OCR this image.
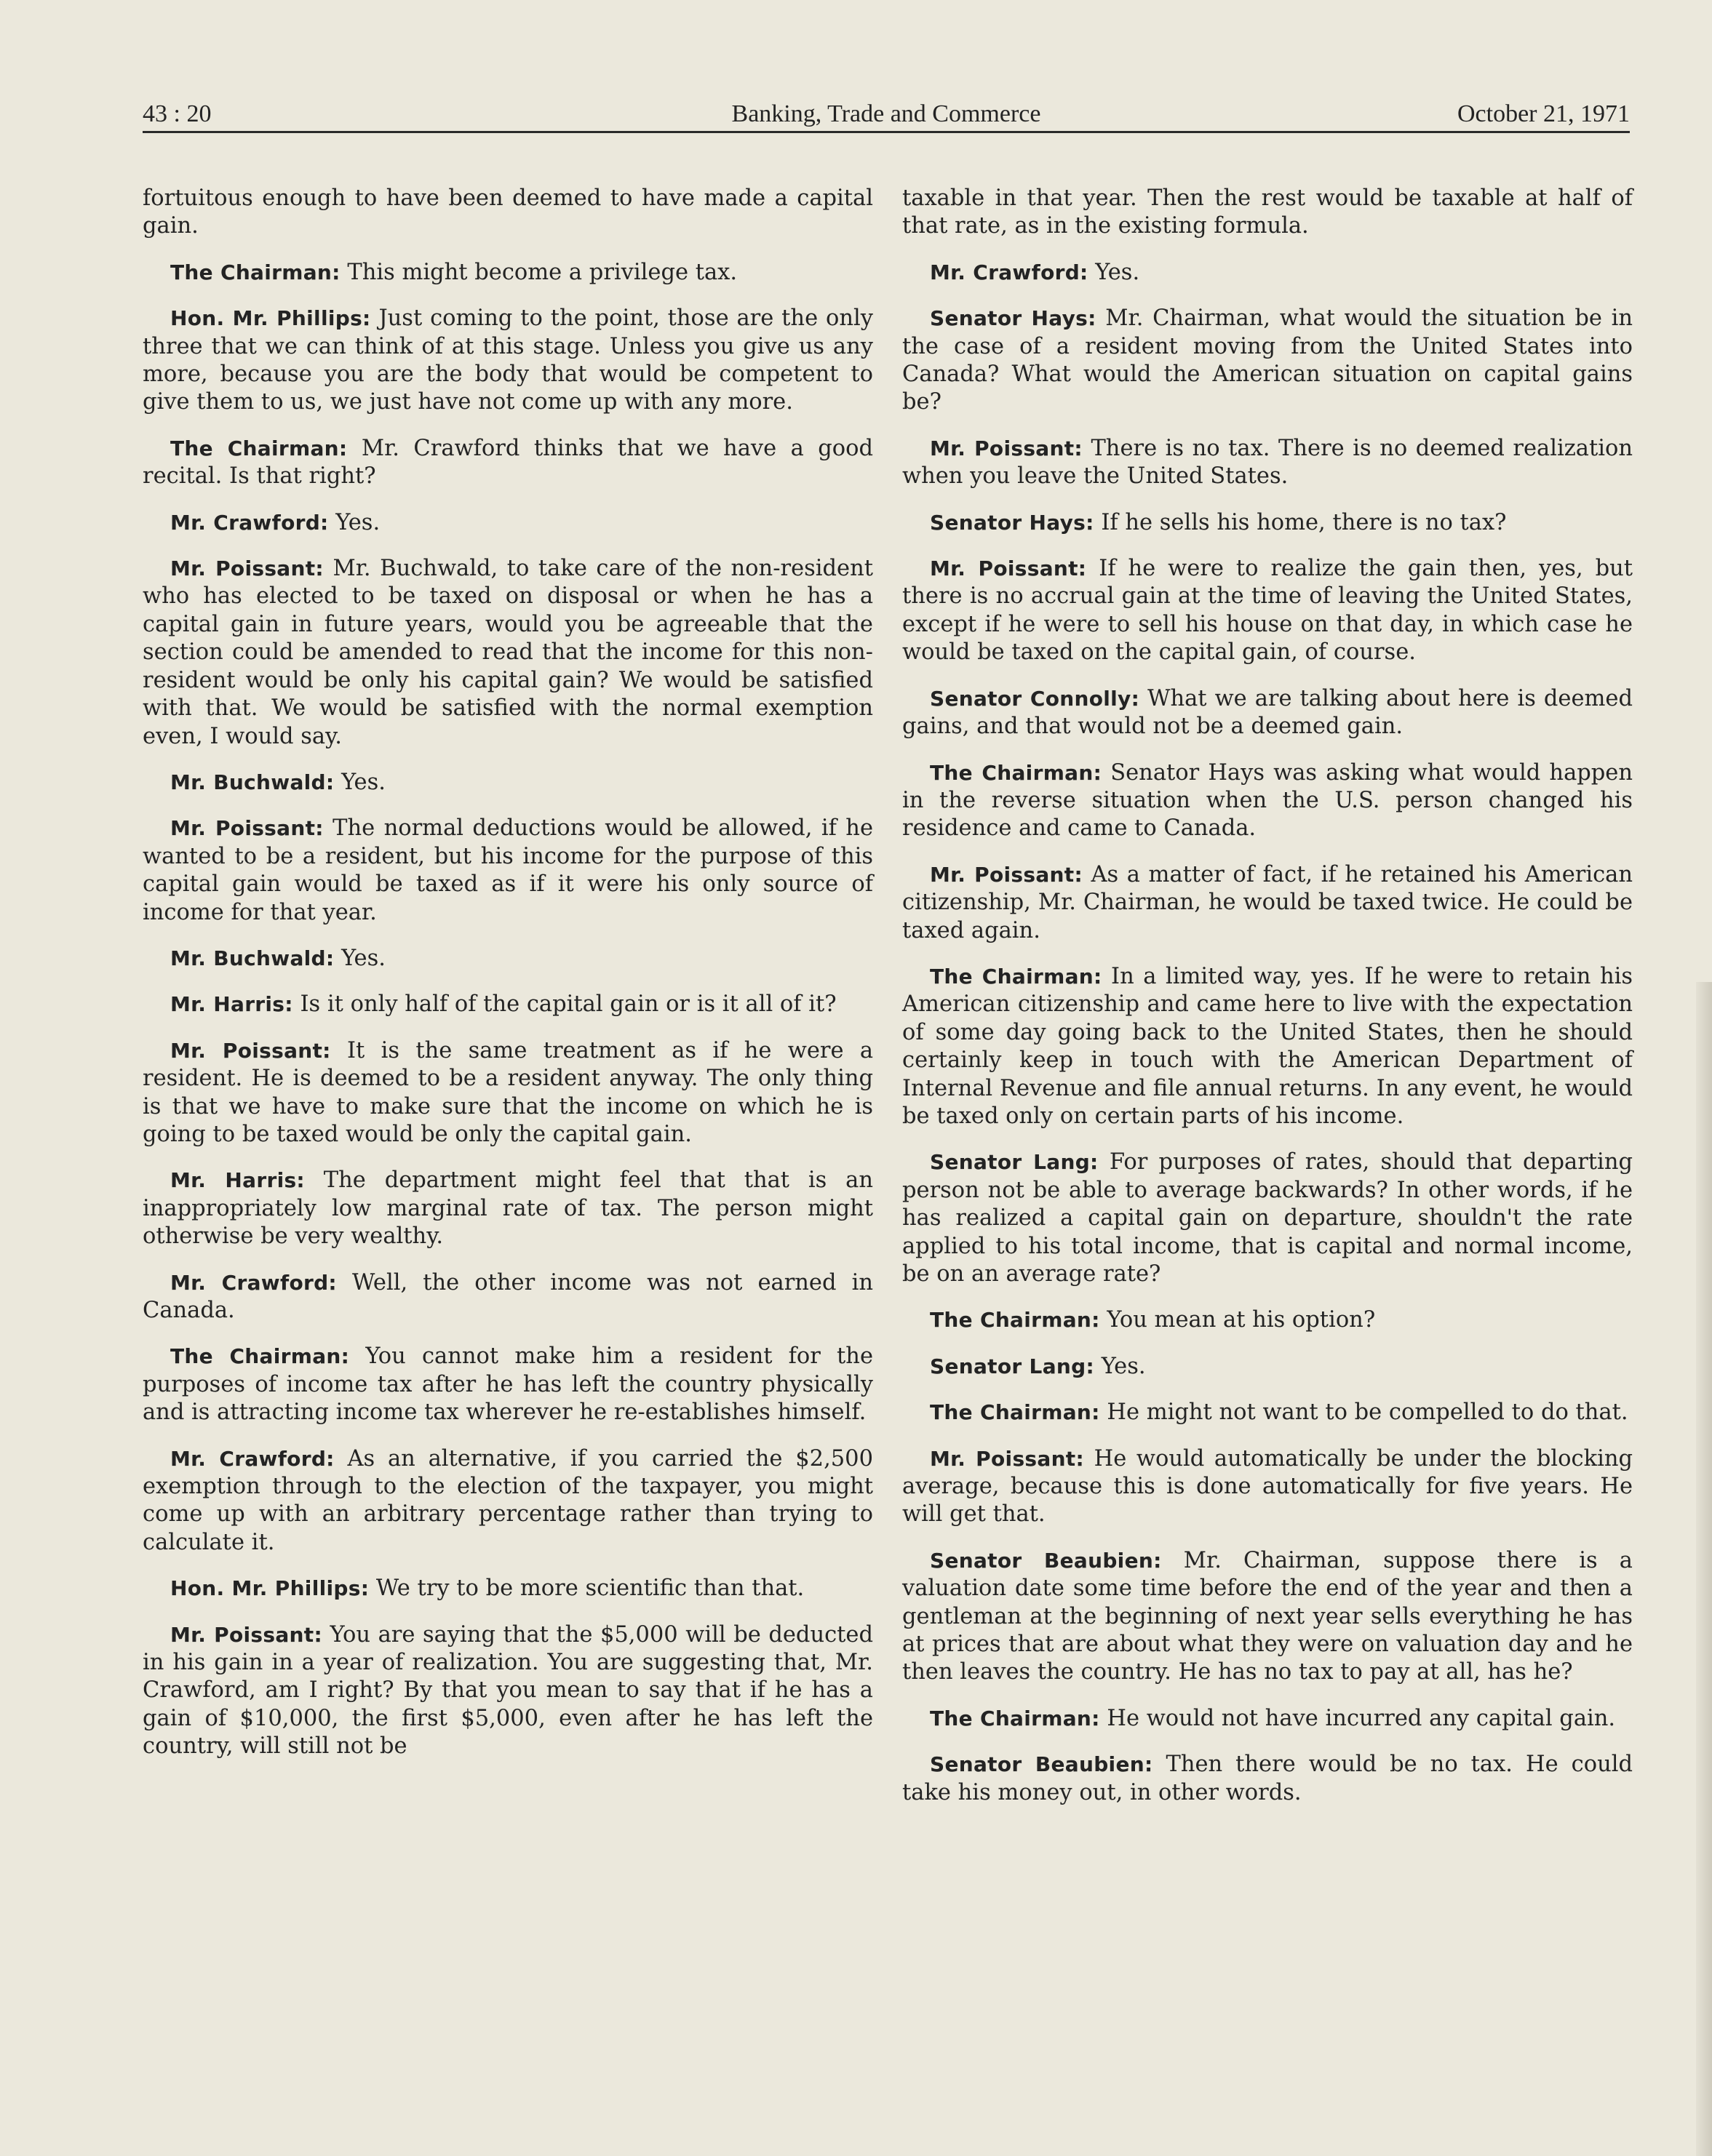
43 : 20	Banking, Trade and Commerce	October 21, 1971

fortuitous enough to have been deemed to have made a capital gain.

The Chairman: This might become a privilege tax.

Hon. Mr. Phillips: Just coming to the point, those are the only three that we can think of at this stage. Unless you give us any more, because you are the body that would be competent to give them to us, we just have not come up with any more.

The Chairman: Mr. Crawford thinks that we have a good recital. Is that right?

Mr. Crawford: Yes.

Mr. Poissant: Mr. Buchwald, to take care of the non-resident who has elected to be taxed on disposal or when he has a capital gain in future years, would you be agreeable that the section could be amended to read that the income for this non-resident would be only his capital gain? We would be satisfied with that. We would be satisfied with the normal exemption even, I would say.

Mr. Buchwald: Yes.

Mr. Poissant: The normal deductions would be allowed, if he wanted to be a resident, but his income for the purpose of this capital gain would be taxed as if it were his only source of income for that year.

Mr. Buchwald: Yes.

Mr. Harris: Is it only half of the capital gain or is it all of it?

Mr. Poissant: It is the same treatment as if he were a resident. He is deemed to be a resident anyway. The only thing is that we have to make sure that the income on which he is going to be taxed would be only the capital gain.

Mr. Harris: The department might feel that that is an inappropriately low marginal rate of tax. The person might otherwise be very wealthy.

Mr. Crawford: Well, the other income was not earned in Canada.

The Chairman: You cannot make him a resident for the purposes of income tax after he has left the country physically and is attracting income tax wherever he re-establishes himself.

Mr. Crawford: As an alternative, if you carried the $2,500 exemption through to the election of the taxpayer, you might come up with an arbitrary percentage rather than trying to calculate it.

Hon. Mr. Phillips: We try to be more scientific than that.

Mr. Poissant: You are saying that the $5,000 will be deducted in his gain in a year of realization. You are suggesting that, Mr. Crawford, am I right? By that you mean to say that if he has a gain of $10,000, the first $5,000, even after he has left the country, will still not be

taxable in that year. Then the rest would be taxable at half of that rate, as in the existing formula.

Mr. Crawford: Yes.

Senator Hays: Mr. Chairman, what would the situation be in the case of a resident moving from the United States into Canada? What would the American situation on capital gains be?

Mr. Poissant: There is no tax. There is no deemed realization when you leave the United States.

Senator Hays: If he sells his home, there is no tax?

Mr. Poissant: If he were to realize the gain then, yes, but there is no accrual gain at the time of leaving the United States, except if he were to sell his house on that day, in which case he would be taxed on the capital gain, of course.

Senator Connolly: What we are talking about here is deemed gains, and that would not be a deemed gain.

The Chairman: Senator Hays was asking what would happen in the reverse situation when the U.S. person changed his residence and came to Canada.

Mr. Poissant: As a matter of fact, if he retained his American citizenship, Mr. Chairman, he would be taxed twice. He could be taxed again.

The Chairman: In a limited way, yes. If he were to retain his American citizenship and came here to live with the expectation of some day going back to the United States, then he should certainly keep in touch with the American Department of Internal Revenue and file annual returns. In any event, he would be taxed only on certain parts of his income.

Senator Lang: For purposes of rates, should that departing person not be able to average backwards? In other words, if he has realized a capital gain on departure, shouldn't the rate applied to his total income, that is capital and normal income, be on an average rate?

The Chairman: You mean at his option?

Senator Lang: Yes.

The Chairman: He might not want to be compelled to do that.

Mr. Poissant: He would automatically be under the blocking average, because this is done automatically for five years. He will get that.

Senator Beaubien: Mr. Chairman, suppose there is a valuation date some time before the end of the year and then a gentleman at the beginning of next year sells everything he has at prices that are about what they were on valuation day and he then leaves the country. He has no tax to pay at all, has he?

The Chairman: He would not have incurred any capital gain.

Senator Beaubien: Then there would be no tax. He could take his money out, in other words.
